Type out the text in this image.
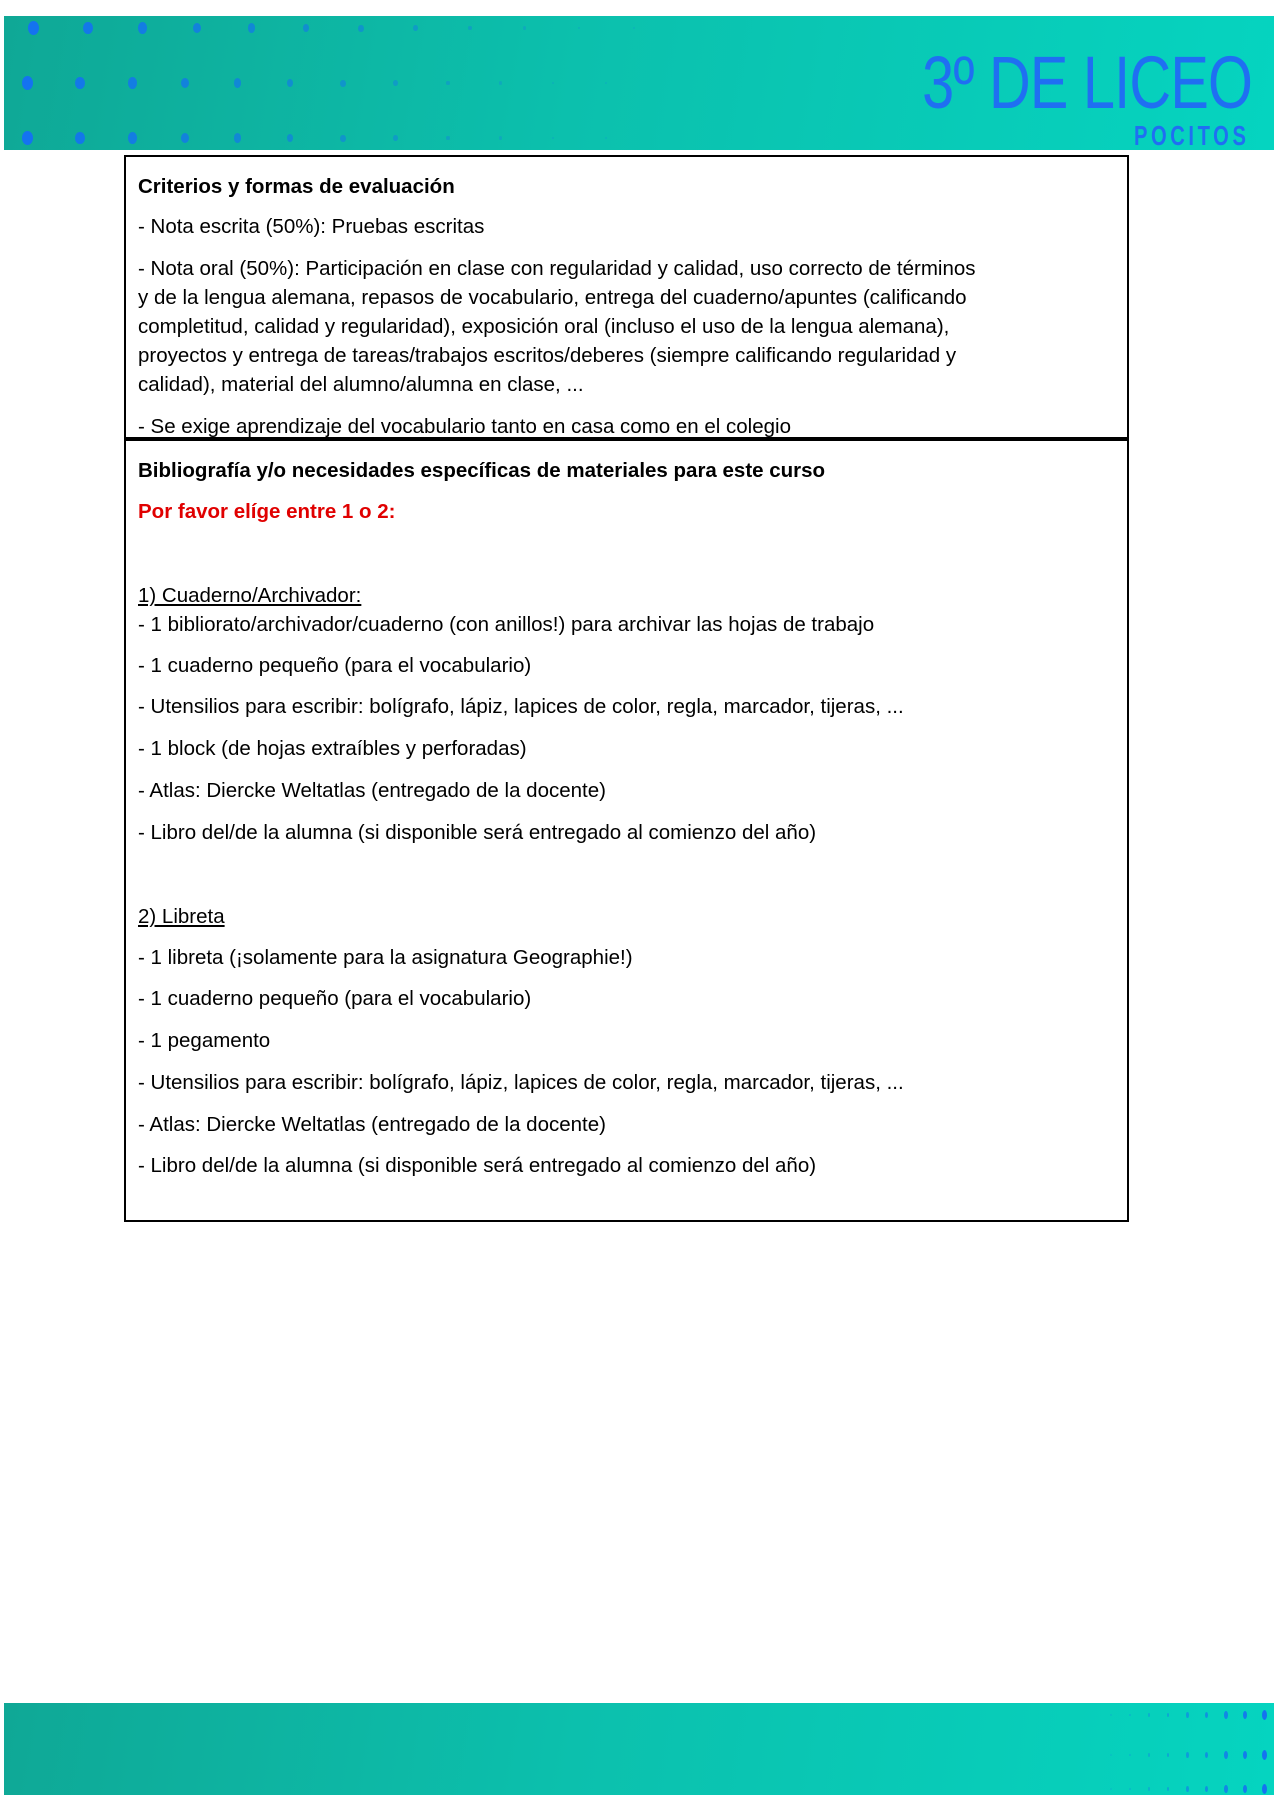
3º DE LICEO
POCITOS
Criterios y formas de evaluación
- Nota escrita (50%): Pruebas escritas
- Nota oral (50%): Participación en clase con regularidad y calidad, uso correcto de términos
y de la lengua alemana, repasos de vocabulario, entrega del cuaderno/apuntes (calificando
completitud, calidad y regularidad), exposición oral (incluso el uso de la lengua alemana),
proyectos y entrega de tareas/trabajos escritos/deberes (siempre calificando regularidad y
calidad), material del alumno/alumna en clase, ...
- Se exige aprendizaje del vocabulario tanto en casa como en el colegio
Bibliografía y/o necesidades específicas de materiales para este curso
Por favor elíge entre 1 o 2:
1) Cuaderno/Archivador:
- 1 bibliorato/archivador/cuaderno (con anillos!) para archivar las hojas de trabajo
- 1 cuaderno pequeño (para el vocabulario)
- Utensilios para escribir: bolígrafo, lápiz, lapices de color, regla, marcador, tijeras, ...
- 1 block (de hojas extraíbles y perforadas)
- Atlas: Diercke Weltatlas (entregado de la docente)
- Libro del/de la alumna (si disponible será entregado al comienzo del año)
2) Libreta
- 1 libreta (¡solamente para la asignatura Geographie!)
- 1 cuaderno pequeño (para el vocabulario)
- 1 pegamento
- Utensilios para escribir: bolígrafo, lápiz, lapices de color, regla, marcador, tijeras, ...
- Atlas: Diercke Weltatlas (entregado de la docente)
- Libro del/de la alumna (si disponible será entregado al comienzo del año)
